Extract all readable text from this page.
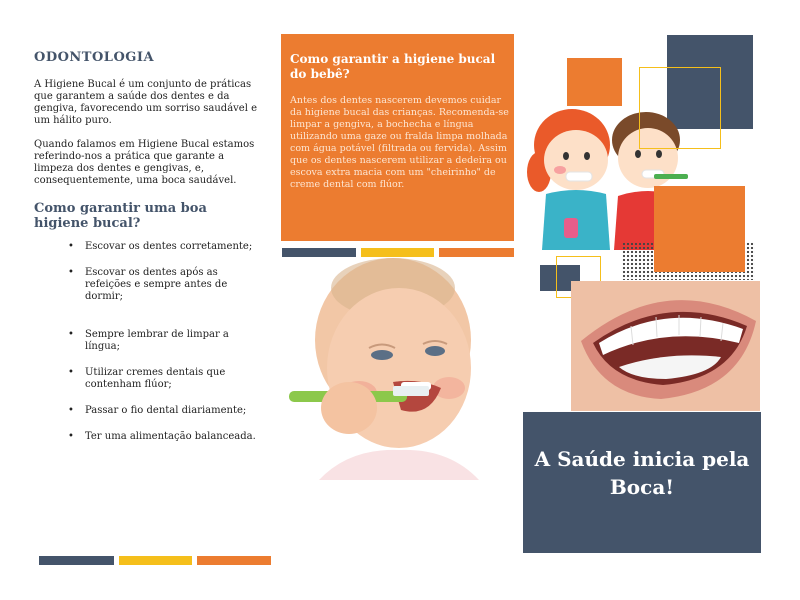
ODONTOLOGIA

A Higiene Bucal é um conjunto de práticas que garantem a saúde dos dentes e da gengiva, favorecendo um sorriso saudável e um hálito puro.

Quando falamos em Higiene Bucal estamos referindo-nos a prática que garante a limpeza dos dentes e gengivas, e, consequentemente, uma boca saudável.

Como garantir uma boa higiene bucal?
• Escovar os dentes corretamente;
• Escovar os dentes após as refeições e sempre antes de dormir;
• Sempre lembrar de limpar a língua;
• Utilizar cremes dentais que contenham flúor;
• Passar o fio dental diariamente;
• Ter uma alimentação balanceada.
Como garantir a higiene bucal do bebê?

Antes dos dentes nascerem devemos cuidar da higiene bucal das crianças. Recomenda-se limpar a gengiva, a bochecha e língua utilizando uma gaze ou fralda limpa molhada com água potável (filtrada ou fervida). Assim que os dentes nascerem utilizar a dedeira ou escova extra macia com um "cheirinho" de creme dental com flúor.

A Saúde inicia pela Boca!
